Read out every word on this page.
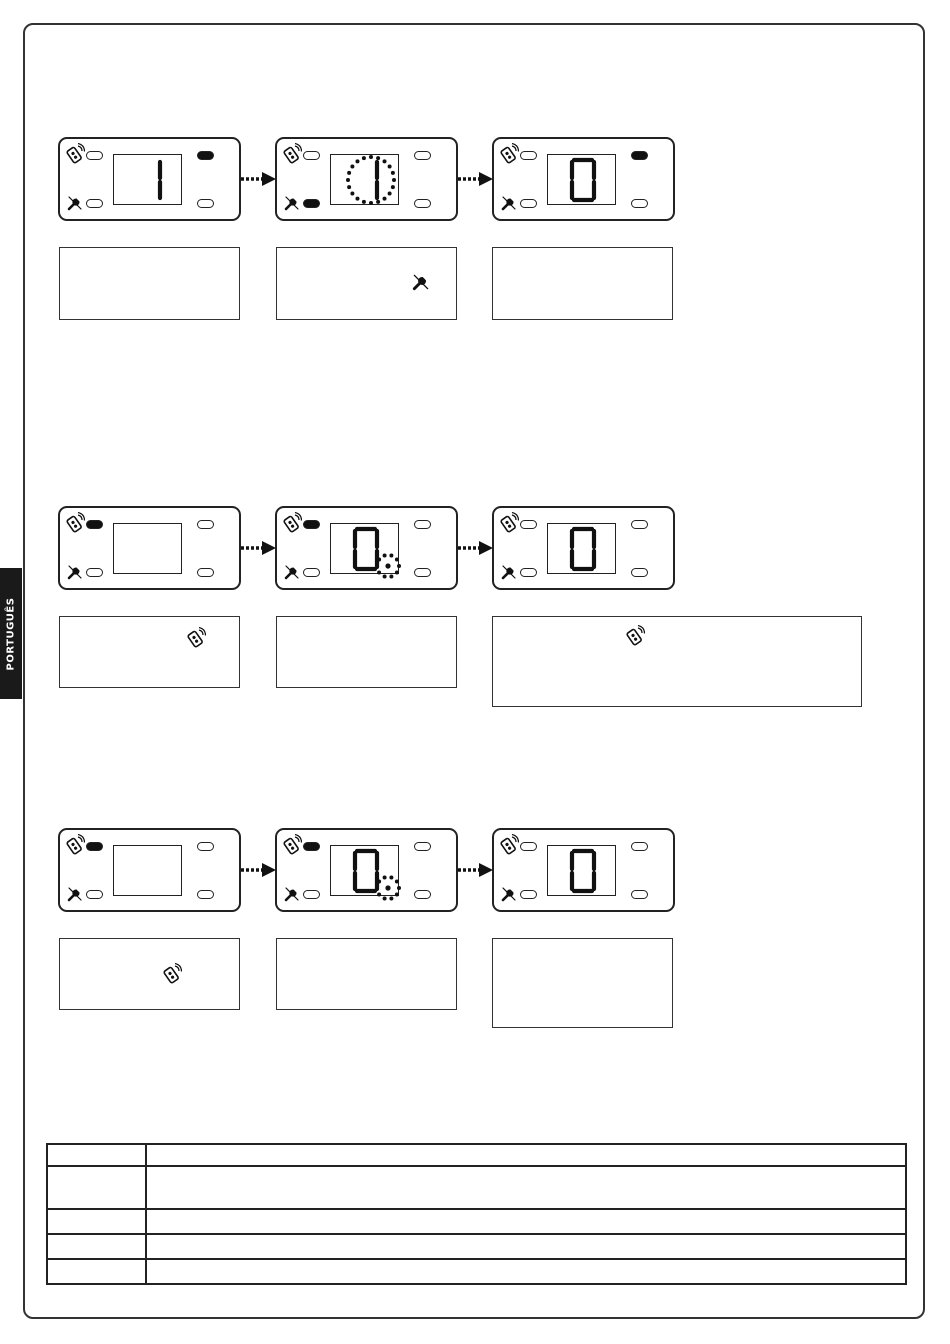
PORTUGUÊS
